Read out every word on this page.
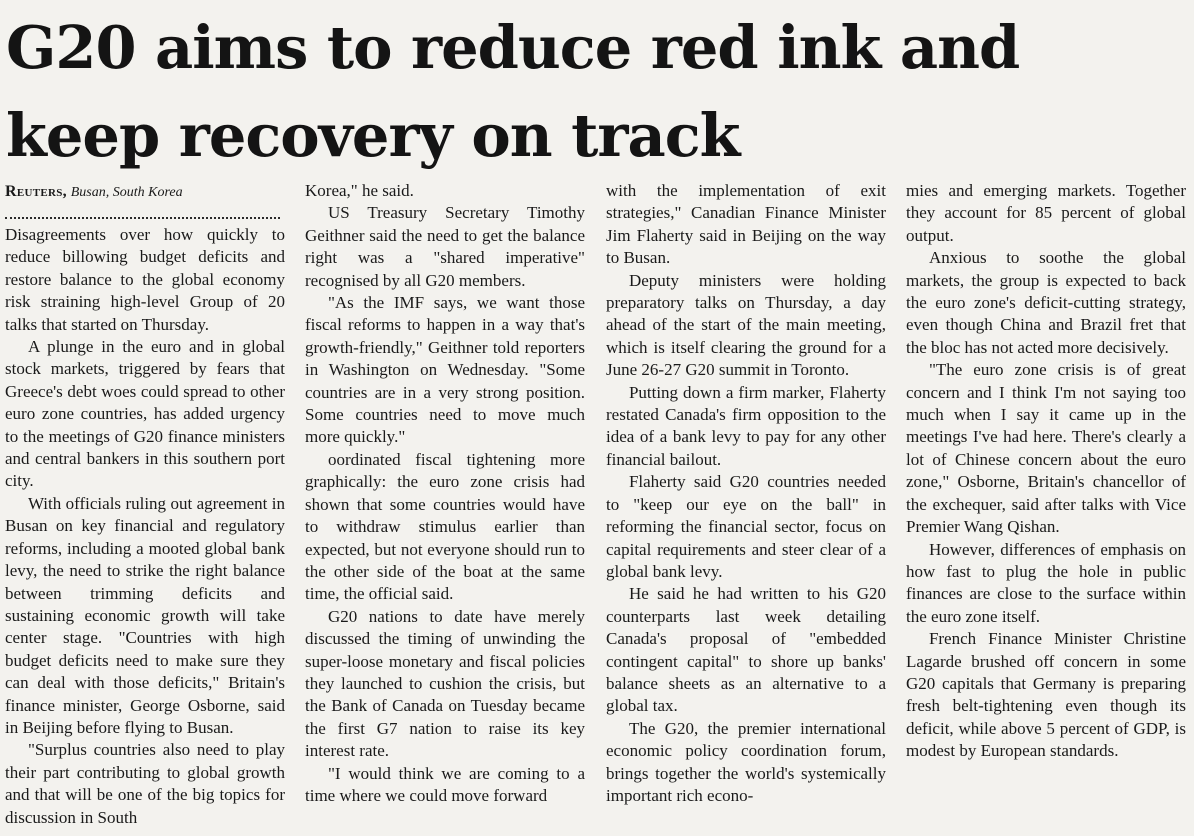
G20 aims to reduce red ink and keep recovery on track
Reuters, Busan, South Korea

Disagreements over how quickly to reduce billowing budget deficits and restore balance to the global economy risk straining high-level Group of 20 talks that started on Thursday.

A plunge in the euro and in global stock markets, triggered by fears that Greece's debt woes could spread to other euro zone countries, has added urgency to the meetings of G20 finance ministers and central bankers in this southern port city.

With officials ruling out agreement in Busan on key financial and regulatory reforms, including a mooted global bank levy, the need to strike the right balance between trimming deficits and sustaining economic growth will take center stage. "Countries with high budget deficits need to make sure they can deal with those deficits," Britain's finance minister, George Osborne, said in Beijing before flying to Busan.

"Surplus countries also need to play their part contributing to global growth and that will be one of the big topics for discussion in South

Korea," he said.

US Treasury Secretary Timothy Geithner said the need to get the balance right was a "shared imperative" recognised by all G20 members.

"As the IMF says, we want those fiscal reforms to happen in a way that's growth-friendly," Geithner told reporters in Washington on Wednesday. "Some countries are in a very strong position. Some countries need to move much more quickly."

oordinated fiscal tightening more graphically: the euro zone crisis had shown that some countries would have to withdraw stimulus earlier than expected, but not everyone should run to the other side of the boat at the same time, the official said.

G20 nations to date have merely discussed the timing of unwinding the super-loose monetary and fiscal policies they launched to cushion the crisis, but the Bank of Canada on Tuesday became the first G7 nation to raise its key interest rate.

"I would think we are coming to a time where we could move forward

with the implementation of exit strategies," Canadian Finance Minister Jim Flaherty said in Beijing on the way to Busan.

Deputy ministers were holding preparatory talks on Thursday, a day ahead of the start of the main meeting, which is itself clearing the ground for a June 26-27 G20 summit in Toronto.

Putting down a firm marker, Flaherty restated Canada's firm opposition to the idea of a bank levy to pay for any other financial bailout.

Flaherty said G20 countries needed to "keep our eye on the ball" in reforming the financial sector, focus on capital requirements and steer clear of a global bank levy.

He said he had written to his G20 counterparts last week detailing Canada's proposal of "embedded contingent capital" to shore up banks' balance sheets as an alternative to a global tax.

The G20, the premier international economic policy coordination forum, brings together the world's systemically important rich econo-

mies and emerging markets. Together they account for 85 percent of global output.

Anxious to soothe the global markets, the group is expected to back the euro zone's deficit-cutting strategy, even though China and Brazil fret that the bloc has not acted more decisively.

"The euro zone crisis is of great concern and I think I'm not saying too much when I say it came up in the meetings I've had here. There's clearly a lot of Chinese concern about the euro zone," Osborne, Britain's chancellor of the exchequer, said after talks with Vice Premier Wang Qishan.

However, differences of emphasis on how fast to plug the hole in public finances are close to the surface within the euro zone itself.

French Finance Minister Christine Lagarde brushed off concern in some G20 capitals that Germany is preparing fresh belt-tightening even though its deficit, while above 5 percent of GDP, is modest by European standards.
